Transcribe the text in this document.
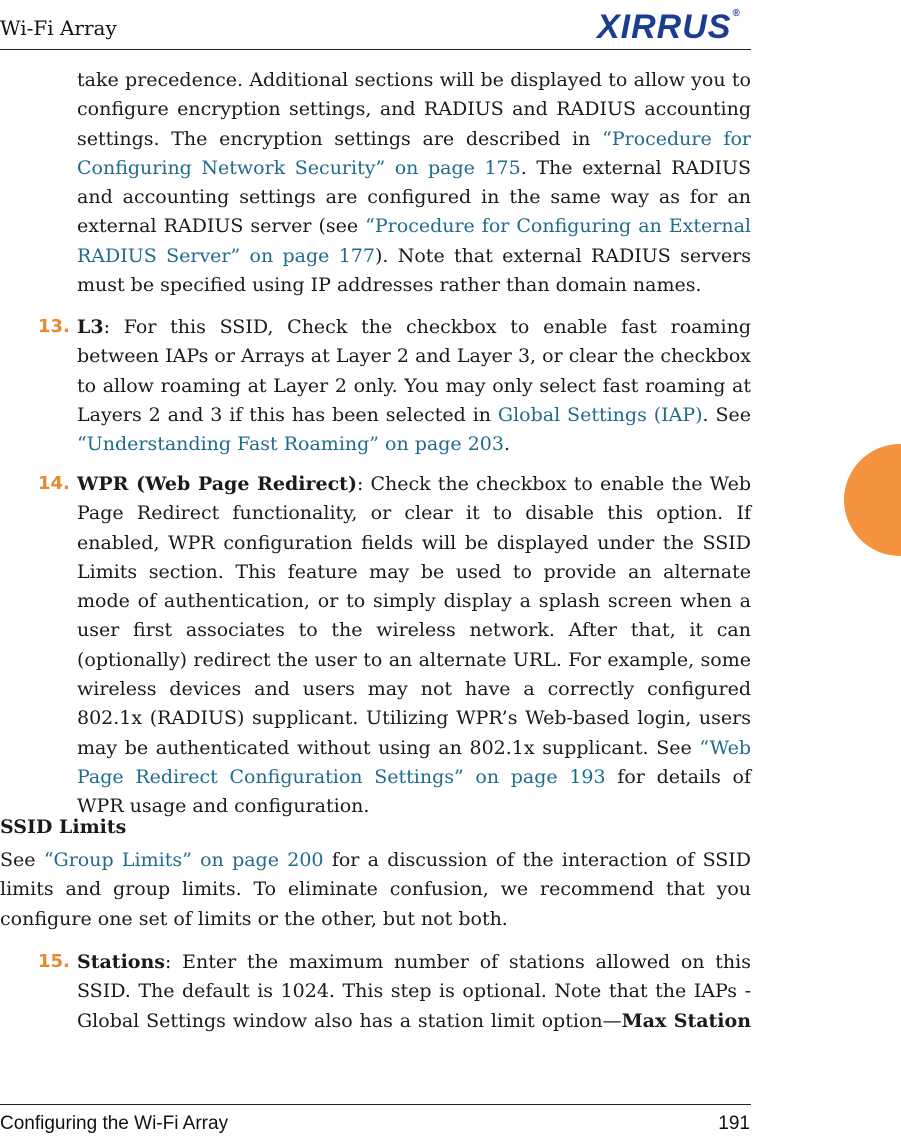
Wi-Fi Array	XIRRUS®
take precedence. Additional sections will be displayed to allow you to configure encryption settings, and RADIUS and RADIUS accounting settings. The encryption settings are described in “Procedure for Configuring Network Security” on page 175. The external RADIUS and accounting settings are configured in the same way as for an external RADIUS server (see “Procedure for Configuring an External RADIUS Server” on page 177). Note that external RADIUS servers must be specified using IP addresses rather than domain names.
13. L3: For this SSID, Check the checkbox to enable fast roaming between IAPs or Arrays at Layer 2 and Layer 3, or clear the checkbox to allow roaming at Layer 2 only. You may only select fast roaming at Layers 2 and 3 if this has been selected in Global Settings (IAP). See “Understanding Fast Roaming” on page 203.
14. WPR (Web Page Redirect): Check the checkbox to enable the Web Page Redirect functionality, or clear it to disable this option. If enabled, WPR configuration fields will be displayed under the SSID Limits section. This feature may be used to provide an alternate mode of authentication, or to simply display a splash screen when a user first associates to the wireless network. After that, it can (optionally) redirect the user to an alternate URL. For example, some wireless devices and users may not have a correctly configured 802.1x (RADIUS) supplicant. Utilizing WPR’s Web-based login, users may be authenticated without using an 802.1x supplicant. See “Web Page Redirect Configuration Settings” on page 193 for details of WPR usage and configuration.
SSID Limits
See “Group Limits” on page 200 for a discussion of the interaction of SSID limits and group limits. To eliminate confusion, we recommend that you configure one set of limits or the other, but not both.
15. Stations: Enter the maximum number of stations allowed on this SSID. The default is 1024. This step is optional. Note that the IAPs - Global Settings window also has a station limit option—Max Station
Configuring the Wi-Fi Array	191
